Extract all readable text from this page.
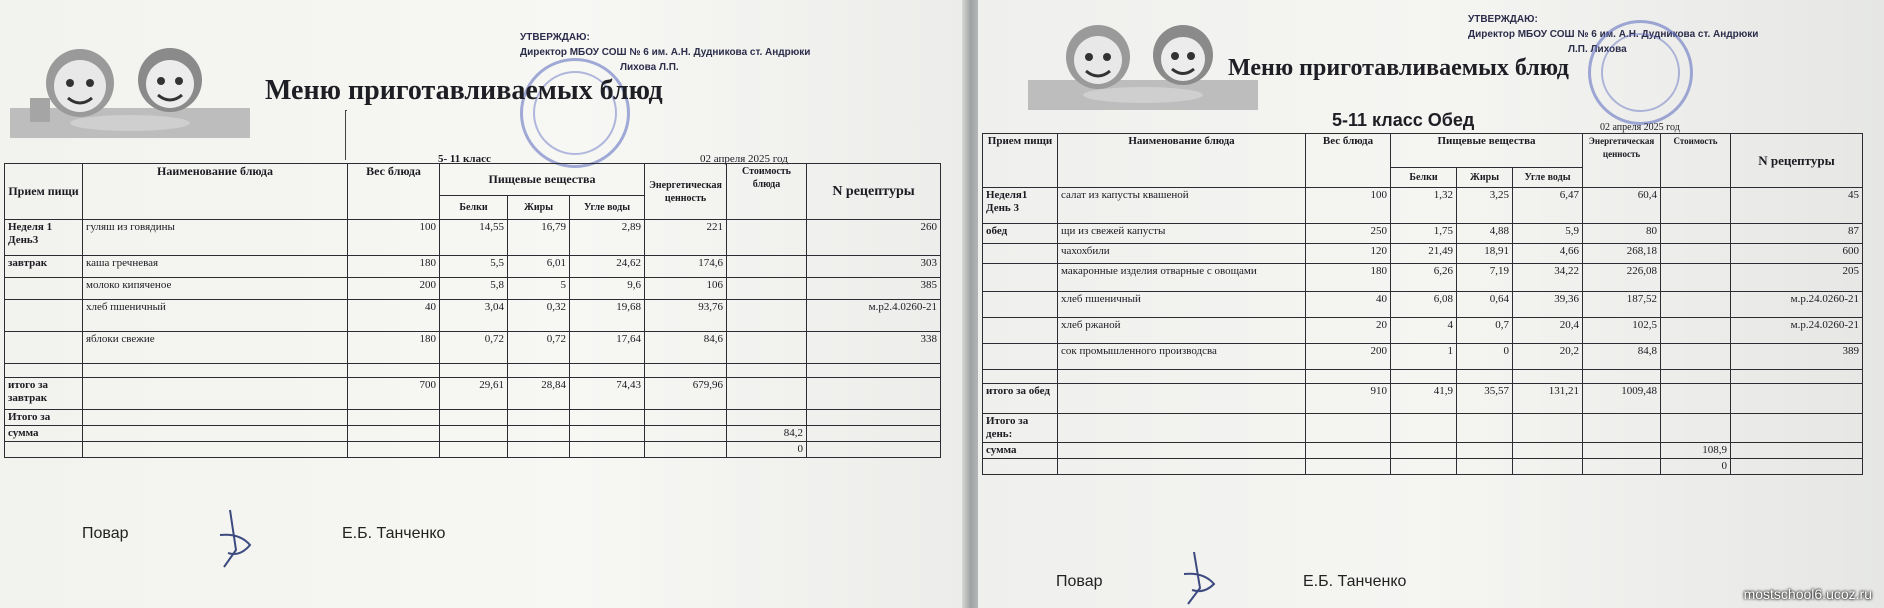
УТВЕРЖДАЮ:
Директор МБОУ СОШ № 6 им. А.Н. Дудникова ст. Андрюки
Лихова Л.П.
Меню приготавливаемых блюд
5- 11 класс	02 апреля 2025 год
Прием пищи	Наименование блюда	Вес блюда	Пищевые вещества			Энергетическая ценность	Стоимость блюда	N рецептуры
			Белки	Жиры	Угле воды			
Неделя 1 День3	гуляш из говядины	100	14,55	16,79	2,89	221		260
завтрак	каша гречневая	180	5,5	6,01	24,62	174,6		303
	молоко кипяченое	200	5,8	5	9,6	106		385
	хлеб пшеничный	40	3,04	0,32	19,68	93,76		м.р2.4.0260-21
	яблоки свежие	180	0,72	0,72	17,64	84,6		338

итого за завтрак		700	29,61	28,84	74,43	679,96		
Итого за								
сумма							84,2	
							0	
Повар	Е.Б. Танченко
УТВЕРЖДАЮ:
Директор МБОУ СОШ № 6 им. А.Н. Дудникова ст. Андрюки
Л.П. Лихова
Меню приготавливаемых блюд
5-11 класс Обед	02 апреля 2025 год
Прием пищи	Наименование блюда	Вес блюда	Пищевые вещества			Энергетическая ценность	Стоимость	N рецептуры
			Белки	Жиры	Угле воды			
Неделя1 День 3	салат из капусты квашеной	100	1,32	3,25	6,47	60,4		45
обед	щи из свежей капусты	250	1,75	4,88	5,9	80		87
	чахохбили	120	21,49	18,91	4,66	268,18		600
	макаронные изделия отварные с овощами	180	6,26	7,19	34,22	226,08		205
	хлеб пшеничный	40	6,08	0,64	39,36	187,52		м.р.24.0260-21
	хлеб ржаной	20	4	0,7	20,4	102,5		м.р.24.0260-21
	сок промышленного производсва	200	1	0	20,2	84,8		389

итого за обед		910	41,9	35,57	131,21	1009,48		
Итого за день:								
сумма							108,9	
							0	
Повар	Е.Б. Танченко
mostschool6.ucoz.ru
